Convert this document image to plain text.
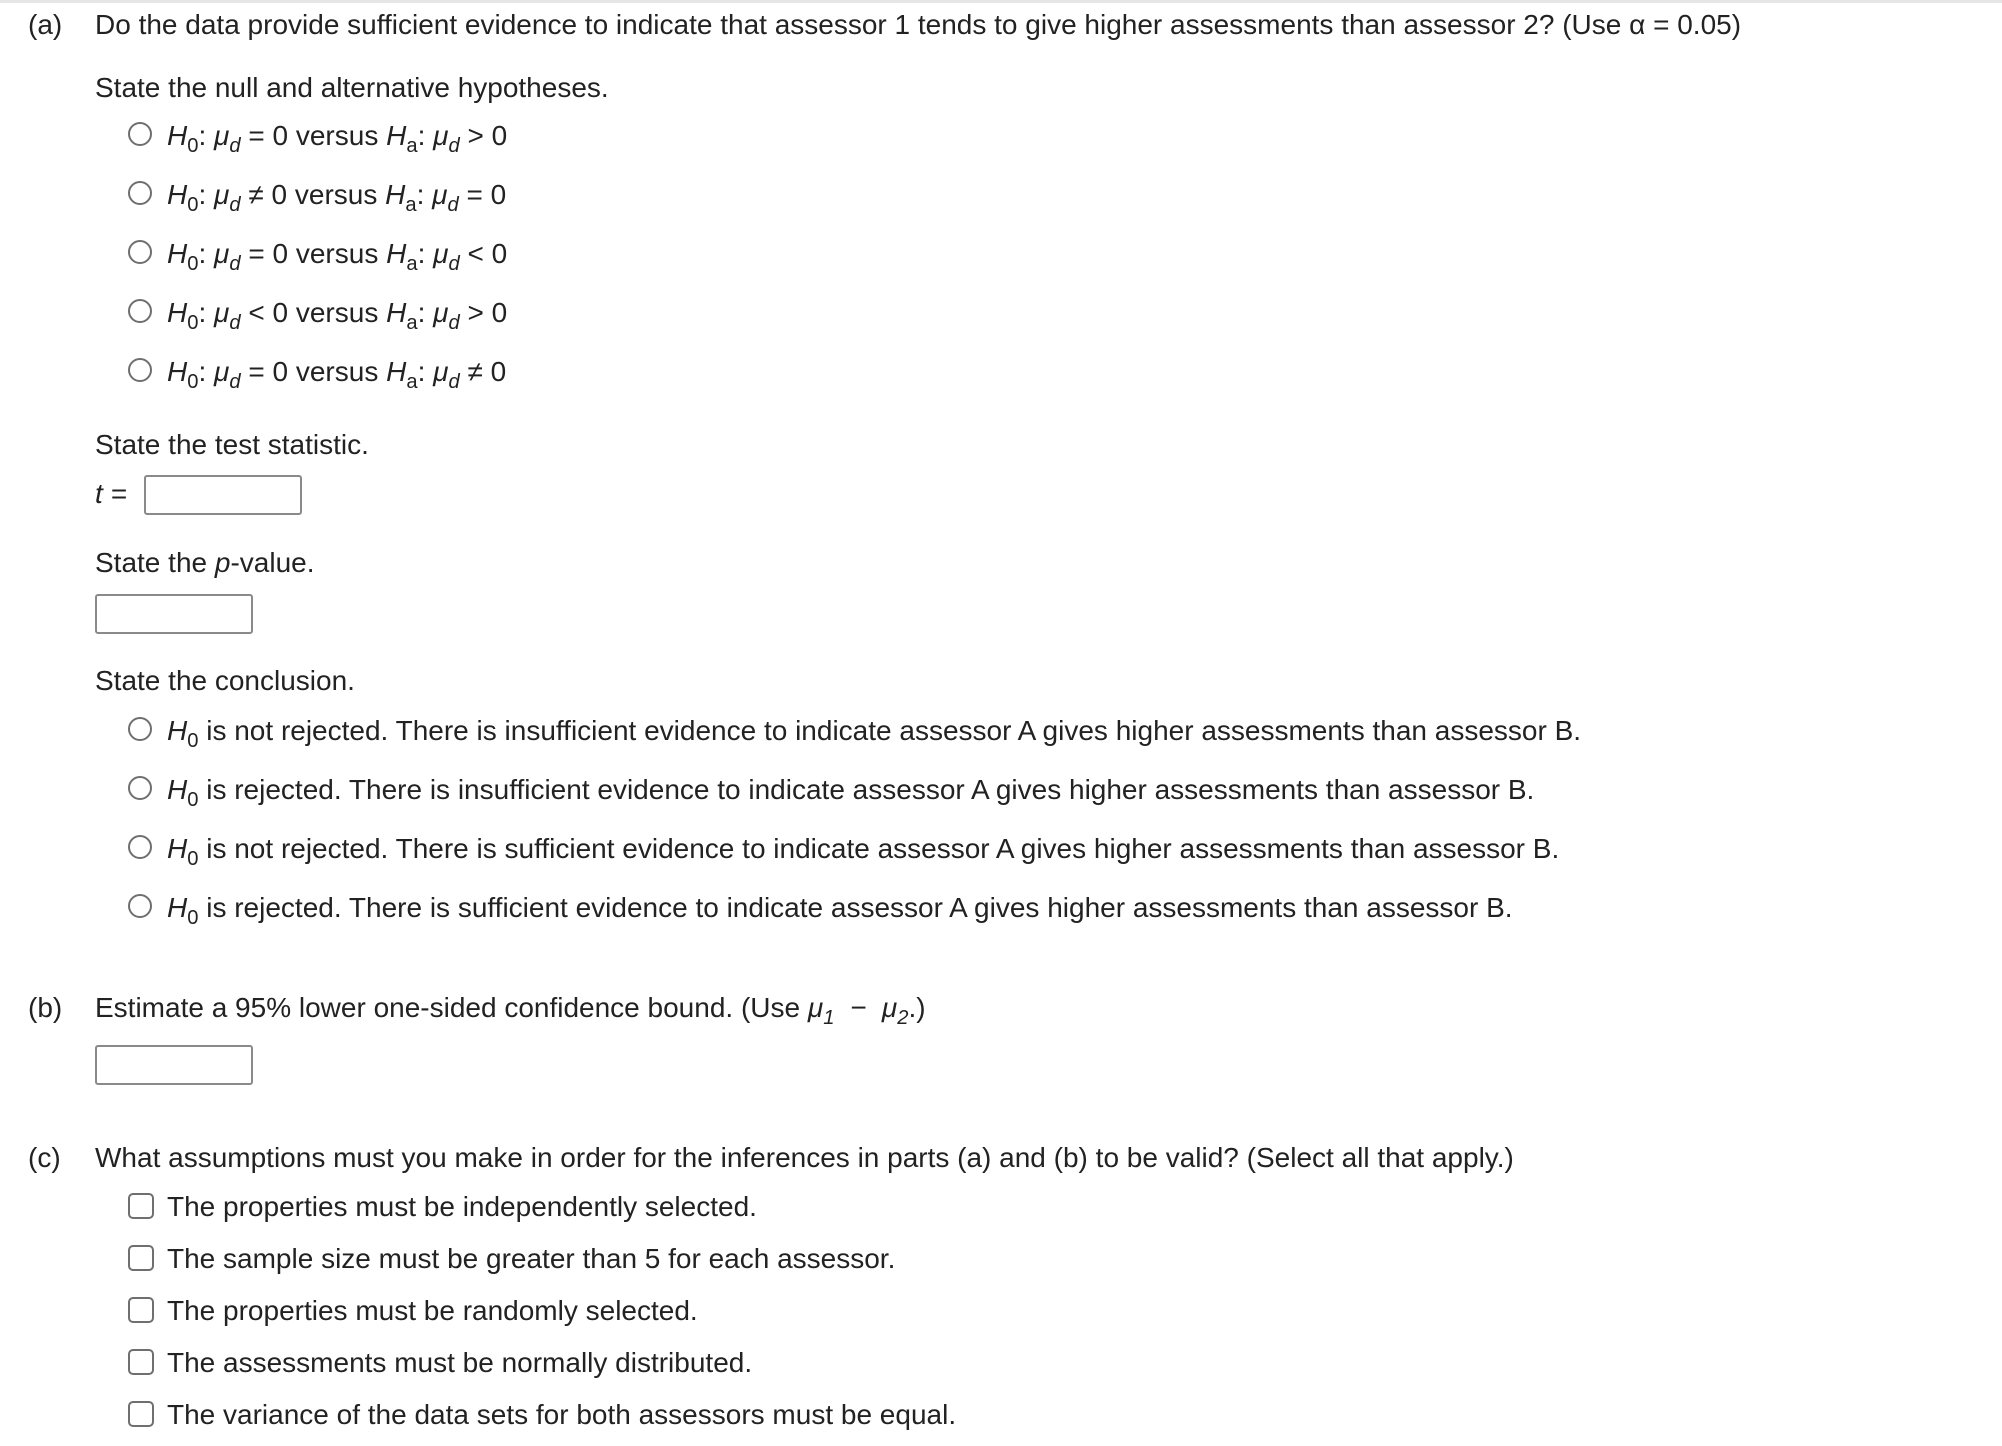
(a) Do the data provide sufficient evidence to indicate that assessor 1 tends to give higher assessments than assessor 2? (Use α = 0.05)
State the null and alternative hypotheses.
$H_0$: $\mu_d = 0$ versus $H_a$: $\mu_d > 0$
$H_0$: $\mu_d \ne 0$ versus $H_a$: $\mu_d = 0$
$H_0$: $\mu_d = 0$ versus $H_a$: $\mu_d < 0$
$H_0$: $\mu_d < 0$ versus $H_a$: $\mu_d > 0$
$H_0$: $\mu_d = 0$ versus $H_a$: $\mu_d \ne 0$
State the test statistic.
t =
State the p-value.
State the conclusion.
$H_0$ is not rejected. There is insufficient evidence to indicate assessor A gives higher assessments than assessor B.
$H_0$ is rejected. There is insufficient evidence to indicate assessor A gives higher assessments than assessor B.
$H_0$ is not rejected. There is sufficient evidence to indicate assessor A gives higher assessments than assessor B.
$H_0$ is rejected. There is sufficient evidence to indicate assessor A gives higher assessments than assessor B.
(b) Estimate a 95% lower one-sided confidence bound. (Use $\mu_1 - \mu_2$.)
(c) What assumptions must you make in order for the inferences in parts (a) and (b) to be valid? (Select all that apply.)
The properties must be independently selected.
The sample size must be greater than 5 for each assessor.
The properties must be randomly selected.
The assessments must be normally distributed.
The variance of the data sets for both assessors must be equal.
